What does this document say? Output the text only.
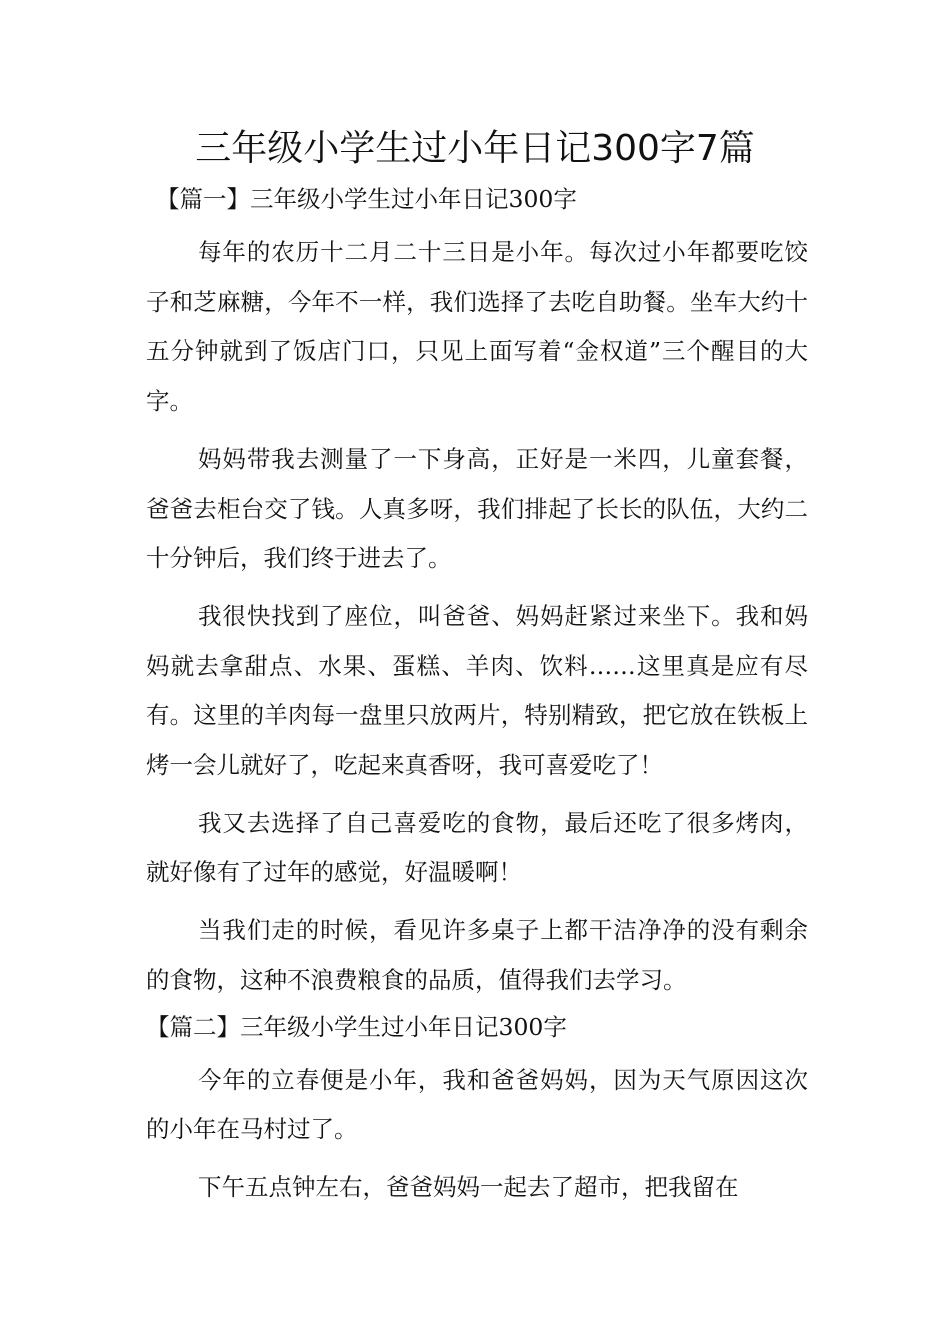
三年级小学生过小年日记300字7篇
【篇一】三年级小学生过小年日记300字

每年的农历十二月二十三日是小年。每次过小年都要吃饺子和芝麻糖，今年不一样，我们选择了去吃自助餐。坐车大约十五分钟就到了饭店门口，只见上面写着“金权道”三个醒目的大字。

妈妈带我去测量了一下身高，正好是一米四，儿童套餐，爸爸去柜台交了钱。人真多呀，我们排起了长长的队伍，大约二十分钟后，我们终于进去了。

我很快找到了座位，叫爸爸、妈妈赶紧过来坐下。我和妈妈就去拿甜点、水果、蛋糕、羊肉、饮料……这里真是应有尽有。这里的羊肉每一盘里只放两片，特别精致，把它放在铁板上烤一会儿就好了，吃起来真香呀，我可喜爱吃了！

我又去选择了自己喜爱吃的食物，最后还吃了很多烤肉，就好像有了过年的感觉，好温暖啊！

当我们走的时候，看见许多桌子上都干洁净净的没有剩余的食物，这种不浪费粮食的品质，值得我们去学习。

【篇二】三年级小学生过小年日记300字

今年的立春便是小年，我和爸爸妈妈，因为天气原因这次的小年在马村过了。

下午五点钟左右，爸爸妈妈一起去了超市，把我留在
